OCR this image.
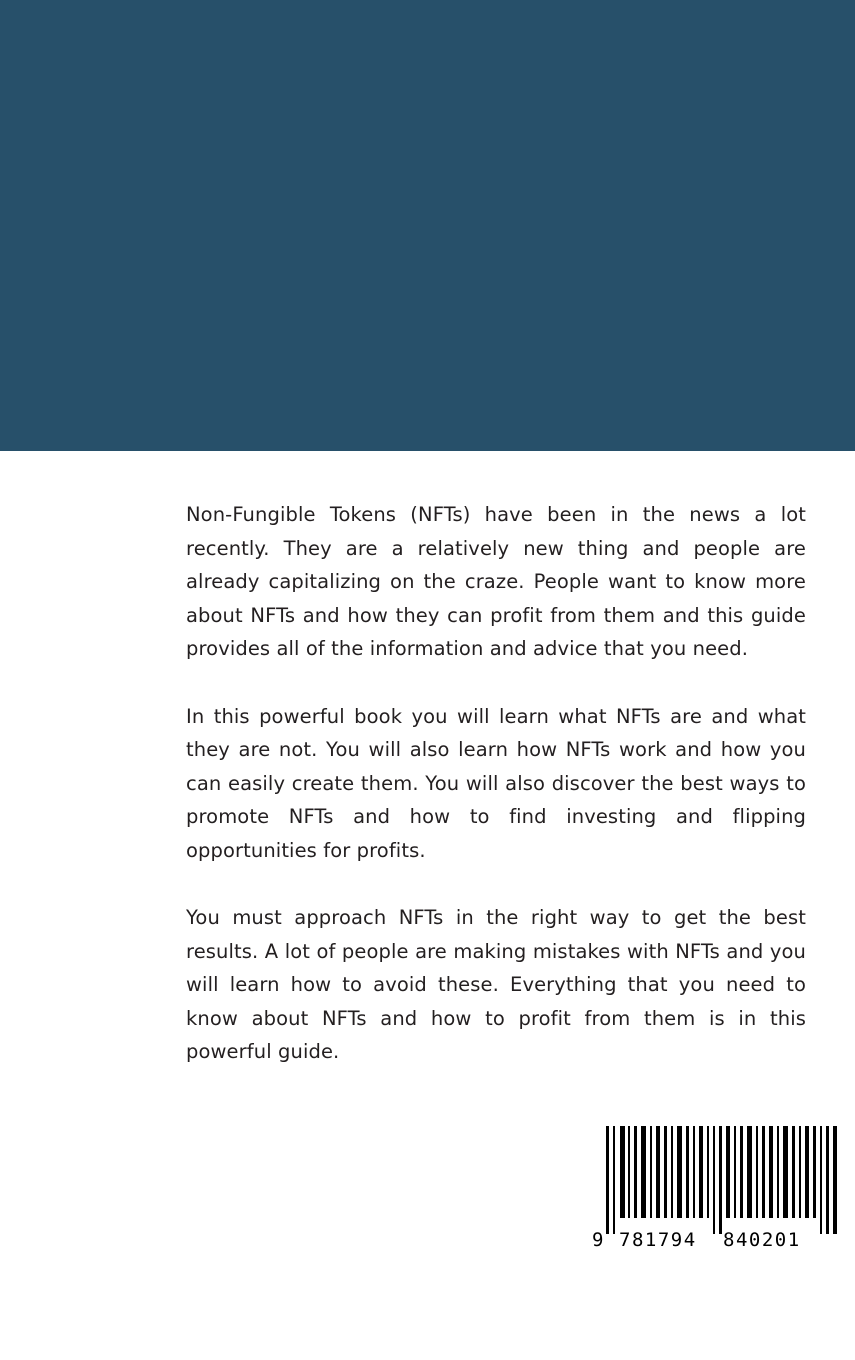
Non-Fungible Tokens (NFTs) have been in the news a lot recently. They are a relatively new thing and people are already capitalizing on the craze. People want to know more about NFTs and how they can profit from them and this guide provides all of the information and advice that you need.

In this powerful book you will learn what NFTs are and what they are not. You will also learn how NFTs work and how you can easily create them. You will also discover the best ways to promote NFTs and how to find investing and flipping opportunities for profits.

You must approach NFTs in the right way to get the best results. A lot of people are making mistakes with NFTs and you will learn how to avoid these. Everything that you need to know about NFTs and how to profit from them is in this powerful guide.

9 781794 840201
